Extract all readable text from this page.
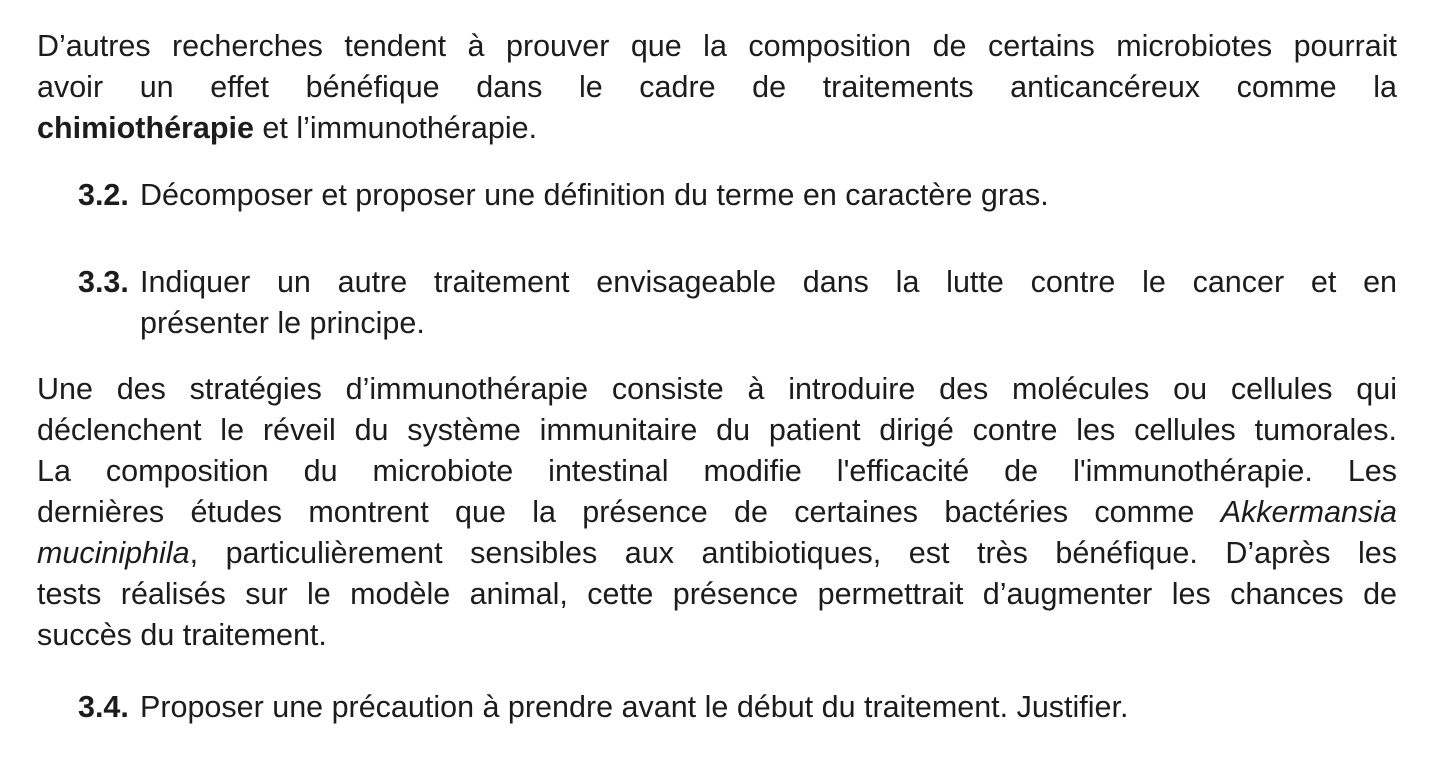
D’autres recherches tendent à prouver que la composition de certains microbiotes pourrait
avoir un effet bénéfique dans le cadre de traitements anticancéreux comme la
chimiothérapie et l’immunothérapie.
3.2. Décomposer et proposer une définition du terme en caractère gras.
3.3. Indiquer un autre traitement envisageable dans la lutte contre le cancer et en
présenter le principe.
Une des stratégies d’immunothérapie consiste à introduire des molécules ou cellules qui
déclenchent le réveil du système immunitaire du patient dirigé contre les cellules tumorales.
La composition du microbiote intestinal modifie l'efficacité de l'immunothérapie. Les
dernières études montrent que la présence de certaines bactéries comme Akkermansia
muciniphila, particulièrement sensibles aux antibiotiques, est très bénéfique. D’après les
tests réalisés sur le modèle animal, cette présence permettrait d’augmenter les chances de
succès du traitement.
3.4. Proposer une précaution à prendre avant le début du traitement. Justifier.
